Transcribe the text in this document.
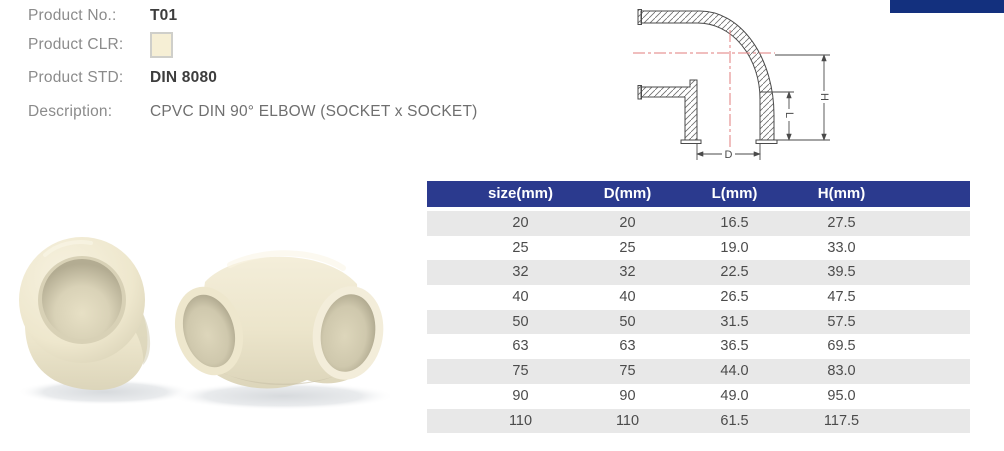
Product No.:	T01
Product CLR:
Product STD:	DIN 8080
Description:	CPVC DIN 90° ELBOW (SOCKET x SOCKET)
D
L
H
size(mm)	D(mm)	L(mm)	H(mm)
20	20	16.5	27.5
25	25	19.0	33.0
32	32	22.5	39.5
40	40	26.5	47.5
50	50	31.5	57.5
63	63	36.5	69.5
75	75	44.0	83.0
90	90	49.0	95.0
110	110	61.5	117.5
